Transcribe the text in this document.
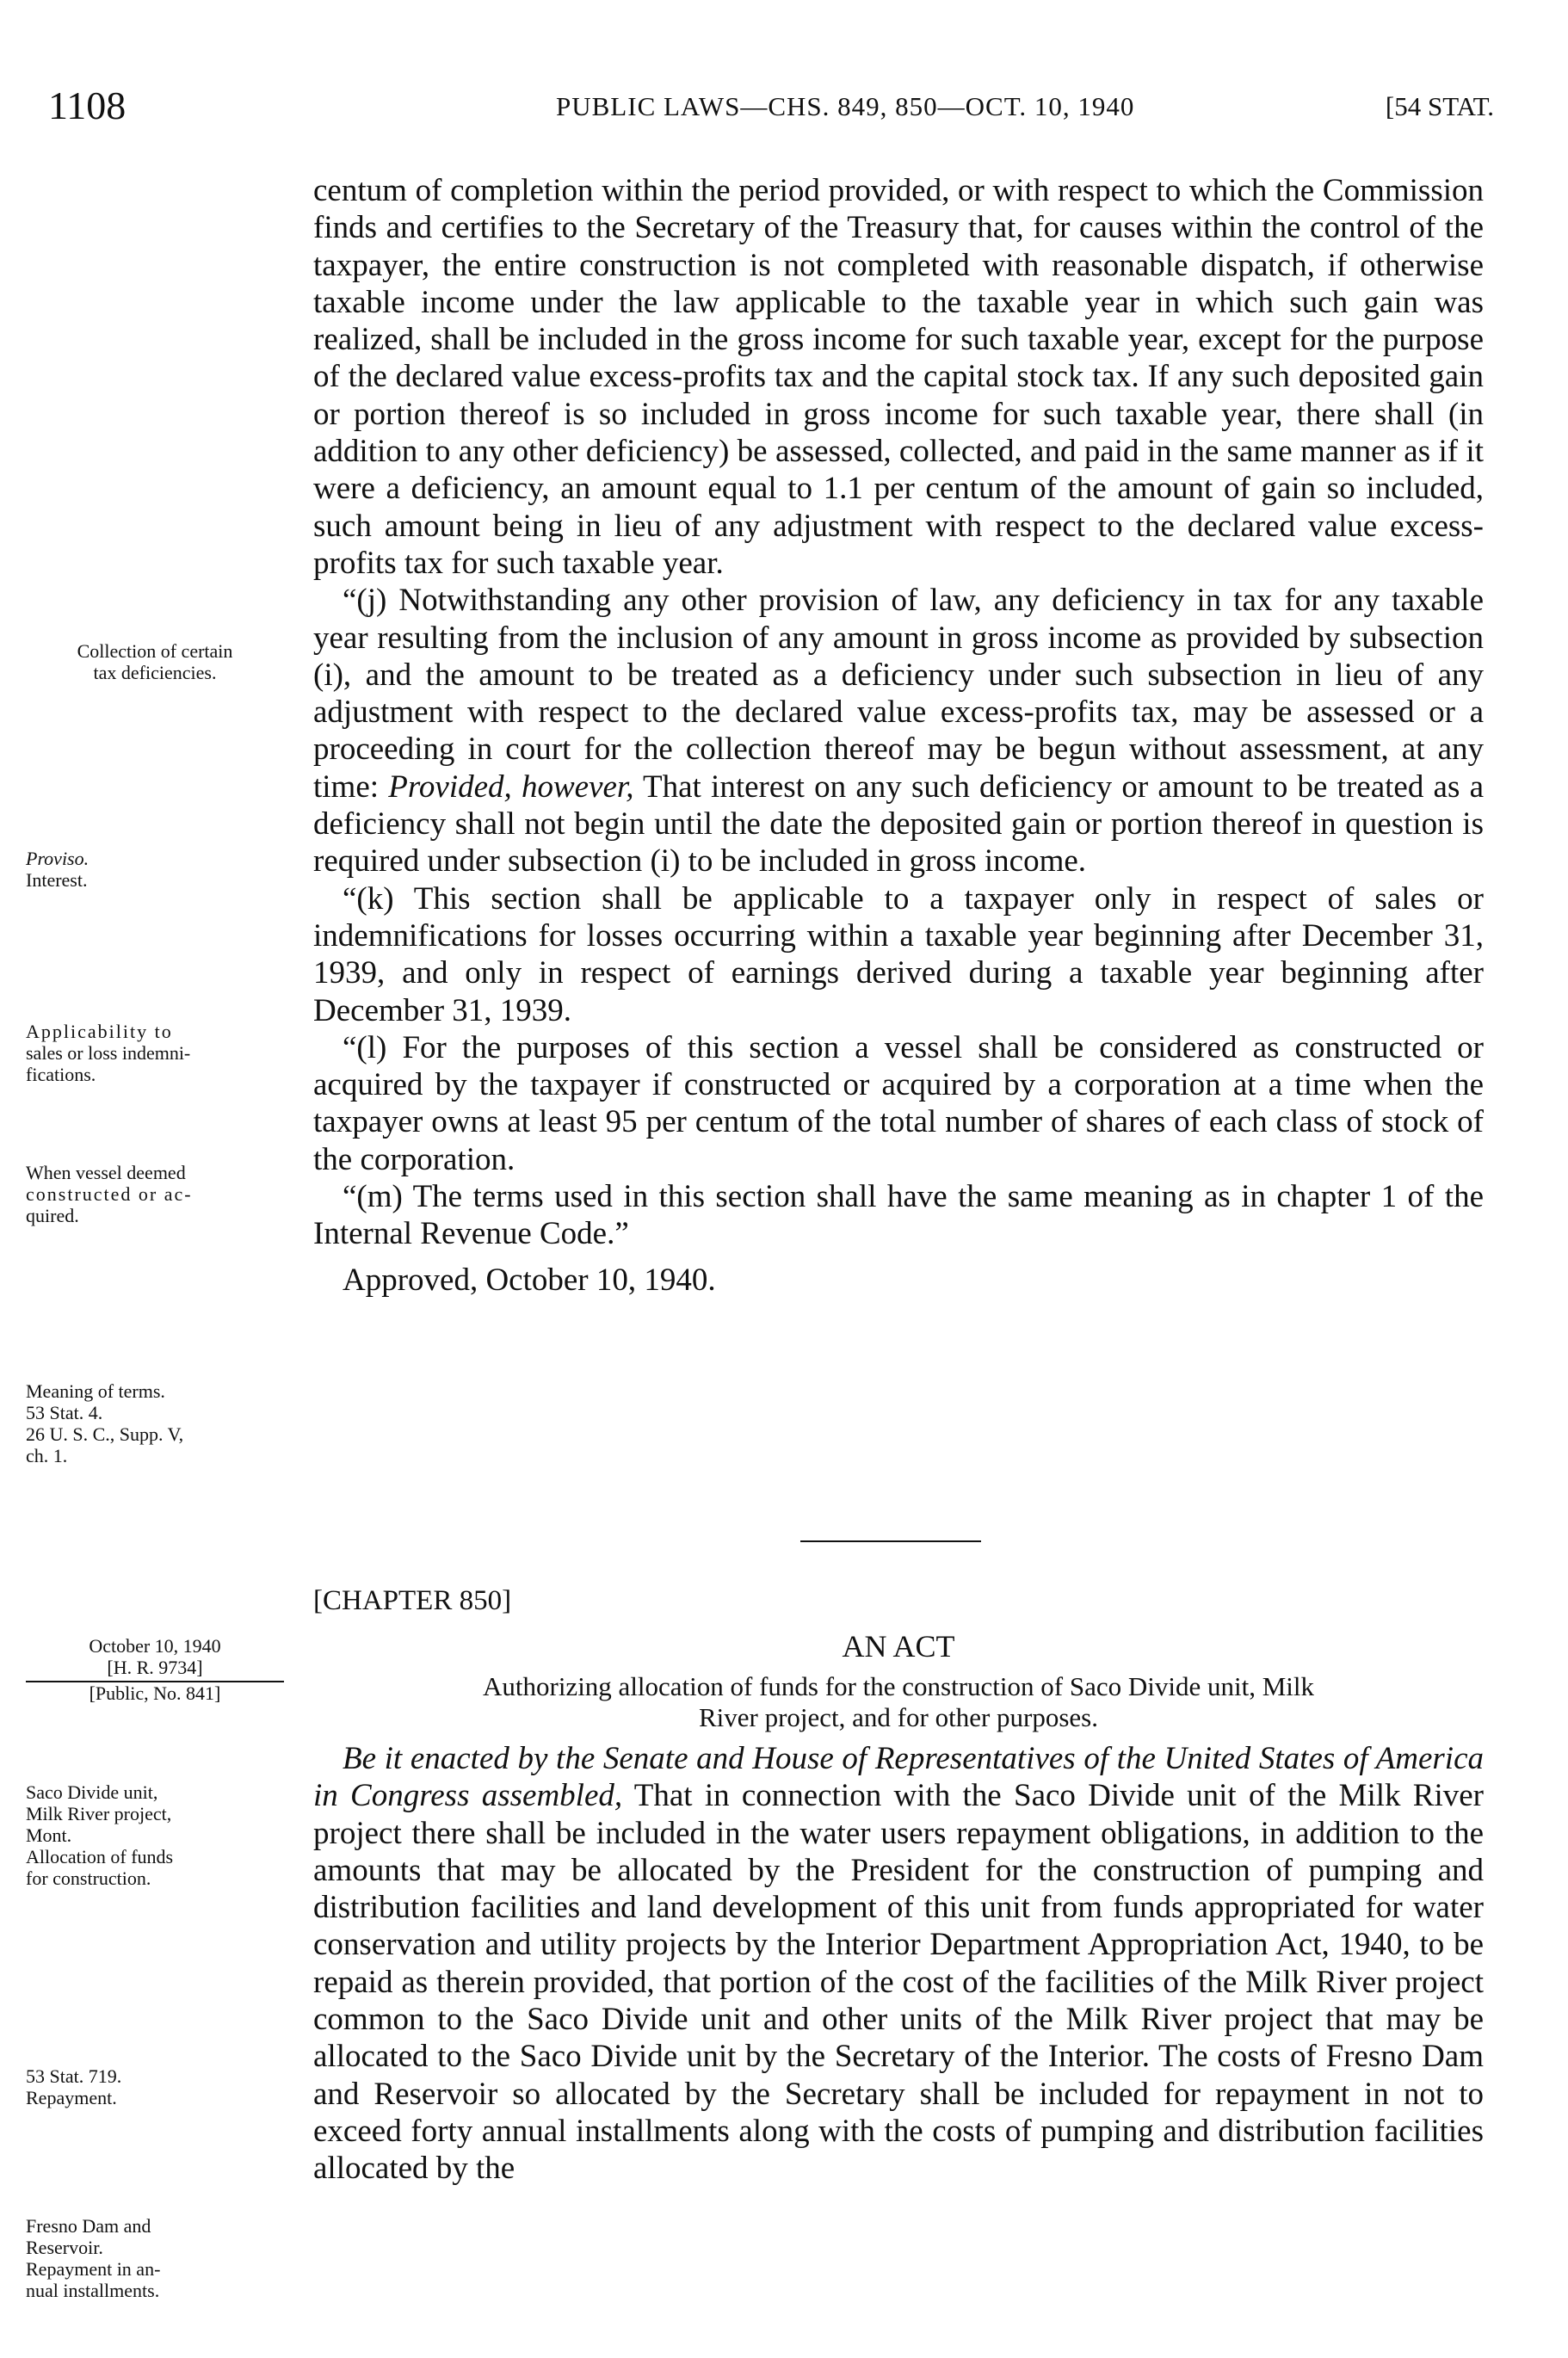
1108	PUBLIC LAWS—CHS. 849, 850—OCT. 10, 1940	[54 STAT.

centum of completion within the period provided, or with respect to which the Commission finds and certifies to the Secretary of the Treasury that, for causes within the control of the taxpayer, the entire construction is not completed with reasonable dispatch, if otherwise taxable income under the law applicable to the taxable year in which such gain was realized, shall be included in the gross income for such taxable year, except for the purpose of the declared value excess-profits tax and the capital stock tax. If any such deposited gain or portion thereof is so included in gross income for such taxable year, there shall (in addition to any other deficiency) be assessed, collected, and paid in the same manner as if it were a deficiency, an amount equal to 1.1 per centum of the amount of gain so included, such amount being in lieu of any adjustment with respect to the declared value excess-profits tax for such taxable year.

“(j) Notwithstanding any other provision of law, any deficiency in tax for any taxable year resulting from the inclusion of any amount in gross income as provided by subsection (i), and the amount to be treated as a deficiency under such subsection in lieu of any adjustment with respect to the declared value excess-profits tax, may be assessed or a proceeding in court for the collection thereof may be begun without assessment, at any time: Provided, however, That interest on any such deficiency or amount to be treated as a deficiency shall not begin until the date the deposited gain or portion thereof in question is required under subsection (i) to be included in gross income.

“(k) This section shall be applicable to a taxpayer only in respect of sales or indemnifications for losses occurring within a taxable year beginning after December 31, 1939, and only in respect of earnings derived during a taxable year beginning after December 31, 1939.

“(l) For the purposes of this section a vessel shall be considered as constructed or acquired by the taxpayer if constructed or acquired by a corporation at a time when the taxpayer owns at least 95 per centum of the total number of shares of each class of stock of the corporation.

“(m) The terms used in this section shall have the same meaning as in chapter 1 of the Internal Revenue Code.”

Approved, October 10, 1940.

Collection of certain
tax deficiencies.
Proviso.
Interest.
Applicability to
sales or loss indemni-
fications.
When vessel deemed
constructed or ac-
quired.
Meaning of terms.
53 Stat. 4.
26 U. S. C., Supp. V,
ch. 1.
[CHAPTER 850]
AN ACT
Authorizing allocation of funds for the construction of Saco Divide unit, Milk
River project, and for other purposes.
October 10, 1940
[H. R. 9734]
[Public, No. 841]

Be it enacted by the Senate and House of Representatives of the United States of America in Congress assembled, That in connection with the Saco Divide unit of the Milk River project there shall be included in the water users repayment obligations, in addition to the amounts that may be allocated by the President for the construction of pumping and distribution facilities and land development of this unit from funds appropriated for water conservation and utility projects by the Interior Department Appropriation Act, 1940, to be repaid as therein provided, that portion of the cost of the facilities of the Milk River project common to the Saco Divide unit and other units of the Milk River project that may be allocated to the Saco Divide unit by the Secretary of the Interior. The costs of Fresno Dam and Reservoir so allocated by the Secretary shall be included for repayment in not to exceed forty annual installments along with the costs of pumping and distribution facilities allocated by the

Saco Divide unit,
Milk River project,
Mont.
Allocation of funds
for construction.
53 Stat. 719.
Repayment.
Fresno Dam and
Reservoir.
Repayment in an-
nual installments.
